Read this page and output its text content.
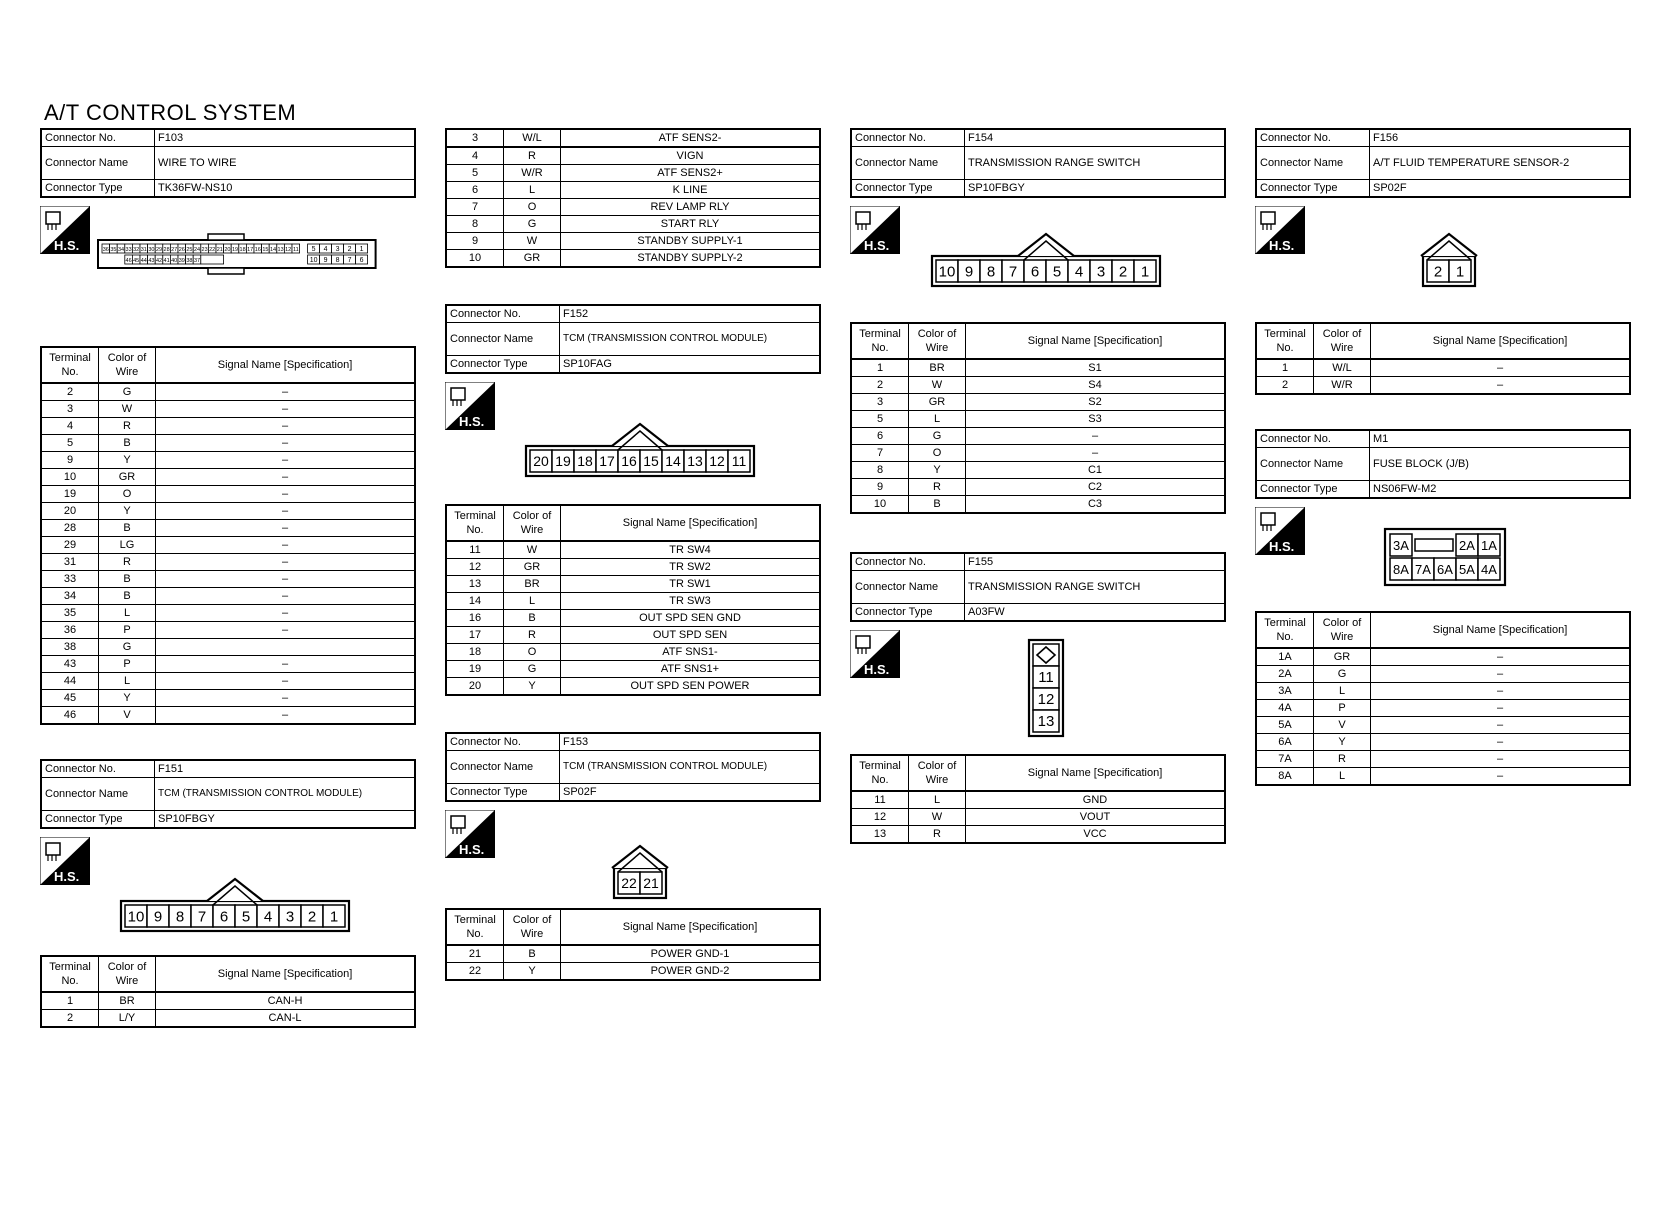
A/T CONTROL SYSTEM
Connector No.	F103
Connector Name	WIRE TO WIRE
Connector Type	TK36FW-NS10
H.S.	36 35 34 33 32 31 30 29 28 27 26 25 24 23 22 21 20 19 18 17 16 15 14 13 12 11
46 45 44 43 42 41 40 39 38 37
5 4 3 2 1
10 9 8 7 6
Terminal No.	Color of Wire	Signal Name [Specification]
2	G	–
3	W	–
4	R	–
5	B	–
9	Y	–
10	GR	–
19	O	–
20	Y	–
28	B	–
29	LG	–
31	R	–
33	B	–
34	B	–
35	L	–
36	P	–
38	G	
43	P	–
44	L	–
45	Y	–
46	V	–
Connector No.	F151
Connector Name	TCM (TRANSMISSION CONTROL MODULE)
Connector Type	SP10FBGY
H.S.
10 9 8 7 6 5 4 3 2 1
Terminal No.	Color of Wire	Signal Name [Specification]
1	BR	CAN-H
2	L/Y	CAN-L
3	W/L	ATF SENS2-
4	R	VIGN
5	W/R	ATF SENS2+
6	L	K LINE
7	O	REV LAMP RLY
8	G	START RLY
9	W	STANDBY SUPPLY-1
10	GR	STANDBY SUPPLY-2
Connector No.	F152
Connector Name	TCM (TRANSMISSION CONTROL MODULE)
Connector Type	SP10FAG
H.S.
20 19 18 17 16 15 14 13 12 11
Terminal No.	Color of Wire	Signal Name [Specification]
11	W	TR SW4
12	GR	TR SW2
13	BR	TR SW1
14	L	TR SW3
16	B	OUT SPD SEN GND
17	R	OUT SPD SEN
18	O	ATF SNS1-
19	G	ATF SNS1+
20	Y	OUT SPD SEN POWER
Connector No.	F153
Connector Name	TCM (TRANSMISSION CONTROL MODULE)
Connector Type	SP02F
H.S.
22 21
Terminal No.	Color of Wire	Signal Name [Specification]
21	B	POWER GND-1
22	Y	POWER GND-2
Connector No.	F154
Connector Name	TRANSMISSION RANGE SWITCH
Connector Type	SP10FBGY
H.S.
10 9 8 7 6 5 4 3 2 1
Terminal No.	Color of Wire	Signal Name [Specification]
1	BR	S1
2	W	S4
3	GR	S2
5	L	S3
6	G	–
7	O	–
8	Y	C1
9	R	C2
10	B	C3
Connector No.	F155
Connector Name	TRANSMISSION RANGE SWITCH
Connector Type	A03FW
H.S.	11
12
13
Terminal No.	Color of Wire	Signal Name [Specification]
11	L	GND
12	W	VOUT
13	R	VCC
Connector No.	F156
Connector Name	A/T FLUID TEMPERATURE SENSOR-2
Connector Type	SP02F
H.S.
2 1
Terminal No.	Color of Wire	Signal Name [Specification]
1	W/L	–
2	W/R	–
Connector No.	M1
Connector Name	FUSE BLOCK (J/B)
Connector Type	NS06FW-M2
H.S.	3A	2A 1A
8A 7A 6A 5A 4A
Terminal No.	Color of Wire	Signal Name [Specification]
1A	GR	–
2A	G	–
3A	L	–
4A	P	–
5A	V	–
6A	Y	–
7A	R	–
8A	L	–
